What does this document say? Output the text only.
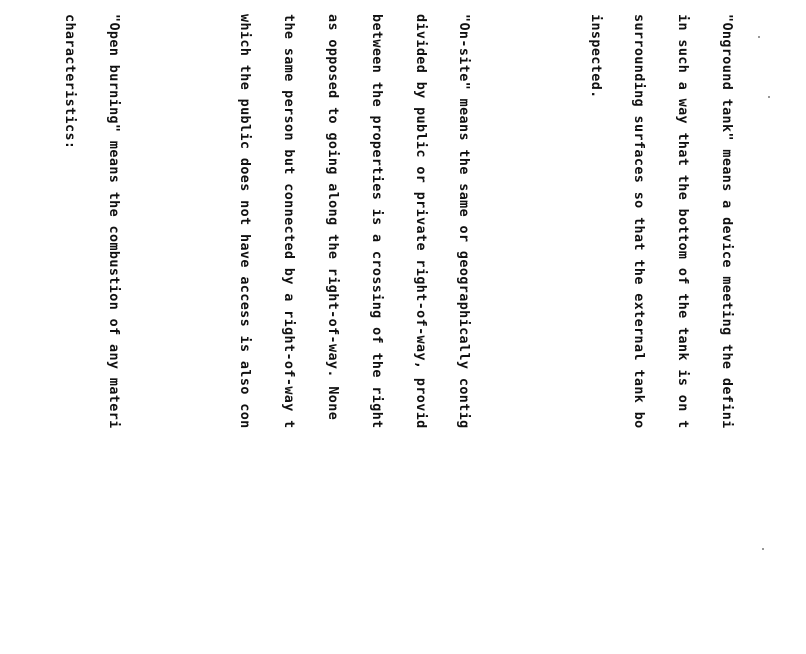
"Onground tank" means a device meeting the defini

in such a way that the bottom of the tank is on t

surrounding surfaces so that the external tank bo

inspected.

"On-site" means the same or geographically contig

divided by public or private right-of-way, provid

between the properties is a crossing of the right

as opposed to going along the right-of-way. None

the same person but connected by a right-of-way t

which the public does not have access is also con

"Open burning" means the combustion of any materi

characteristics:
